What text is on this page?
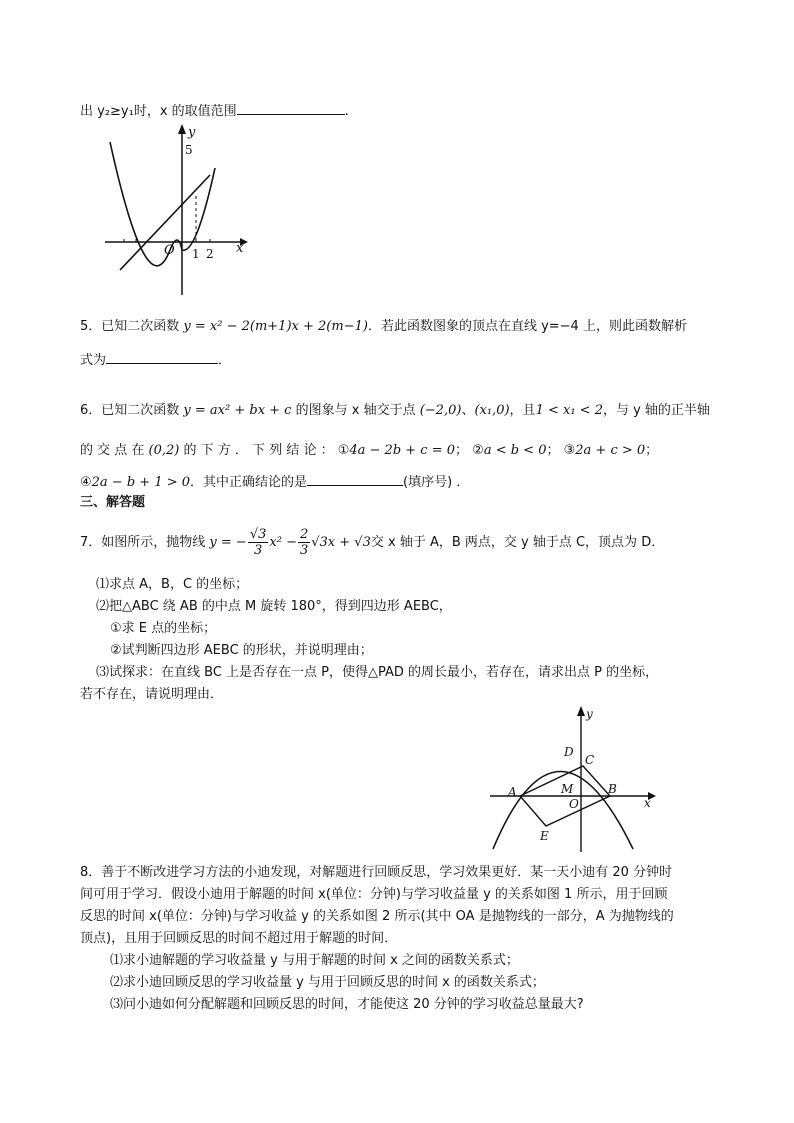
出 y₂≥y₁时，x 的取值范围	.
y
x
O 1 2
5
5．已知二次函数 y = x² − 2(m+1)x + 2(m−1)．若此函数图象的顶点在直线 y=−4 上，则此函数解析
式为	．
6．已知二次函数 y = ax² + bx + c 的图象与 x 轴交于点 (−2,0)、(x₁,0)，且1 < x₁ < 2，与 y 轴的正半轴
的 交 点 在 (0,2) 的 下 方 ． 下 列 结 论 ： ①4a − 2b + c = 0； ②a < b < 0； ③2a + c > 0；
④2a − b + 1 > 0．其中正确结论的是	(填序号) ．
三、解答题
7．如图所示，抛物线 y = − $\frac{√3}{3} x^2 - \frac{2}{3} √3x + √3$交 x 轴于 A，B 两点，交 y 轴于点 C，顶点为 D．
⑴求点 A，B，C 的坐标；
⑵把△ABC 绕 AB 的中点 M 旋转 180°，得到四边形 AEBC，
①求 E 点的坐标；
②试判断四边形 AEBC 的形状，并说明理由；
⑶试探求：在直线 BC 上是否存在一点 P，使得△PAD 的周长最小，若存在，请求出点 P 的坐标，
若不存在，请说明理由．
y
x
A	B
C
D
E
M
O
8．善于不断改进学习方法的小迪发现，对解题进行回顾反思，学习效果更好．某一天小迪有 20 分钟时
间可用于学习．假设小迪用于解题的时间 x(单位：分钟)与学习收益量 y 的关系如图 1 所示，用于回顾
反思的时间 x(单位：分钟)与学习收益 y 的关系如图 2 所示(其中 OA 是抛物线的一部分，A 为抛物线的
顶点)，且用于回顾反思的时间不超过用于解题的时间．
⑴求小迪解题的学习收益量 y 与用于解题的时间 x 之间的函数关系式；
⑵求小迪回顾反思的学习收益量 y 与用于回顾反思的时间 x 的函数关系式；
⑶问小迪如何分配解题和回顾反思的时间，才能使这 20 分钟的学习收益总量最大?
